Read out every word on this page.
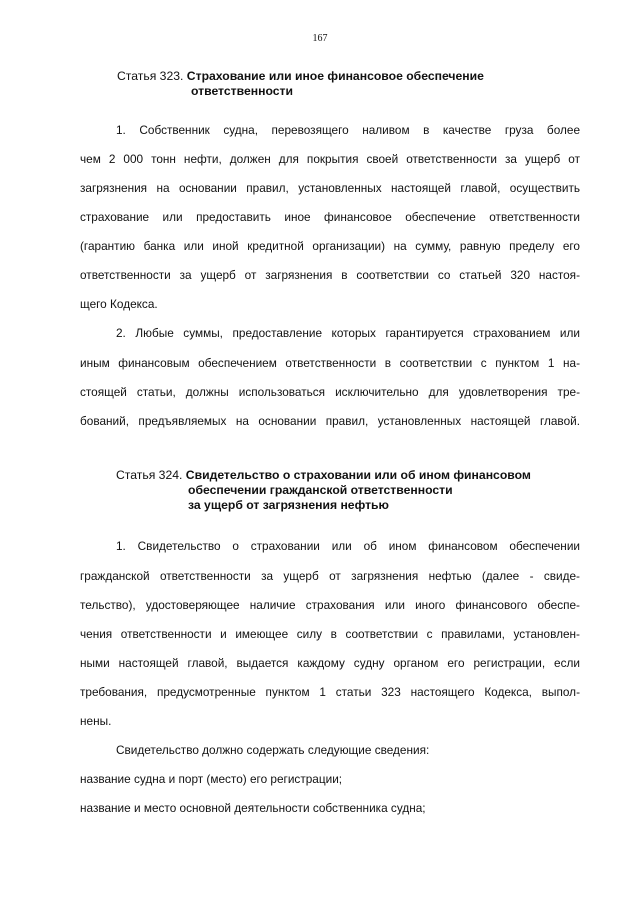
167
Статья 323. Страхование или иное финансовое обеспечение
ответственности
1. Собственник судна, перевозящего наливом в качестве груза более
чем 2 000 тонн нефти, должен для покрытия своей ответственности за ущерб от
загрязнения на основании правил, установленных настоящей главой, осуществить
страхование или предоставить иное финансовое обеспечение ответственности
(гарантию банка или иной кредитной организации) на сумму, равную пределу его
ответственности за ущерб от загрязнения в соответствии со статьей 320 настоя-
щего Кодекса.
2. Любые суммы, предоставление которых гарантируется страхованием или
иным финансовым обеспечением ответственности в соответствии с пунктом 1 на-
стоящей статьи, должны использоваться исключительно для удовлетворения тре-
бований, предъявляемых на основании правил, установленных настоящей главой.
Статья 324. Свидетельство о страховании или об ином финансовом
обеспечении гражданской ответственности
за ущерб от загрязнения нефтью
1. Свидетельство о страховании или об ином финансовом обеспечении
гражданской ответственности за ущерб от загрязнения нефтью (далее - свиде-
тельство), удостоверяющее наличие страхования или иного финансового обеспе-
чения ответственности и имеющее силу в соответствии с правилами, установлен-
ными настоящей главой, выдается каждому судну органом его регистрации, если
требования, предусмотренные пунктом 1 статьи 323 настоящего Кодекса, выпол-
нены.
Свидетельство должно содержать следующие сведения:
название судна и порт (место) его регистрации;
название и место основной деятельности собственника судна;
